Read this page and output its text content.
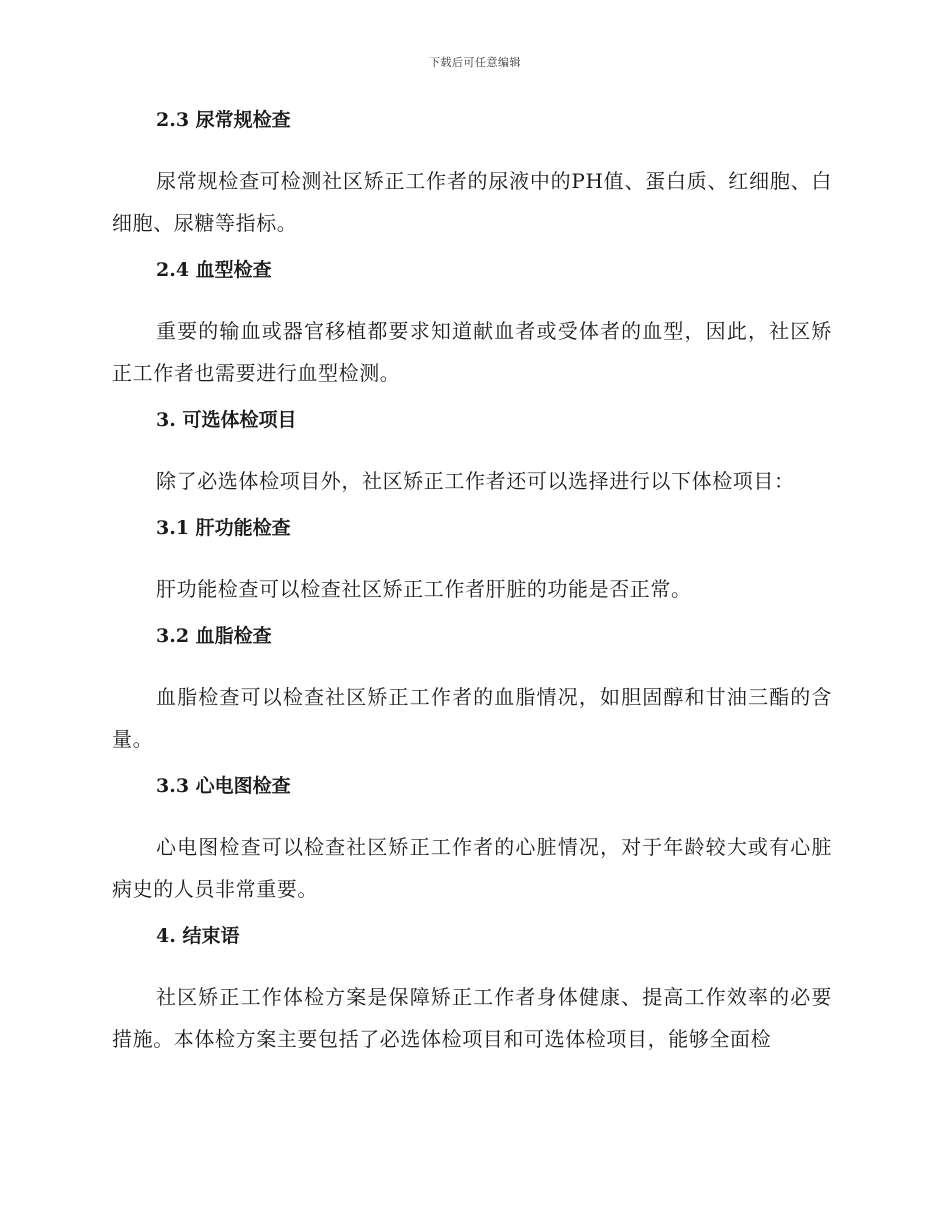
下载后可任意编辑
2.3 尿常规检查
尿常规检查可检测社区矫正工作者的尿液中的PH值、蛋白质、红细胞、白细胞、尿糖等指标。
2.4 血型检查
重要的输血或器官移植都要求知道献血者或受体者的血型，因此，社区矫正工作者也需要进行血型检测。
3. 可选体检项目
除了必选体检项目外，社区矫正工作者还可以选择进行以下体检项目：
3.1 肝功能检查
肝功能检查可以检查社区矫正工作者肝脏的功能是否正常。
3.2 血脂检查
血脂检查可以检查社区矫正工作者的血脂情况，如胆固醇和甘油三酯的含量。
3.3 心电图检查
心电图检查可以检查社区矫正工作者的心脏情况，对于年龄较大或有心脏病史的人员非常重要。
4. 结束语
社区矫正工作体检方案是保障矫正工作者身体健康、提高工作效率的必要措施。本体检方案主要包括了必选体检项目和可选体检项目，能够全面检
